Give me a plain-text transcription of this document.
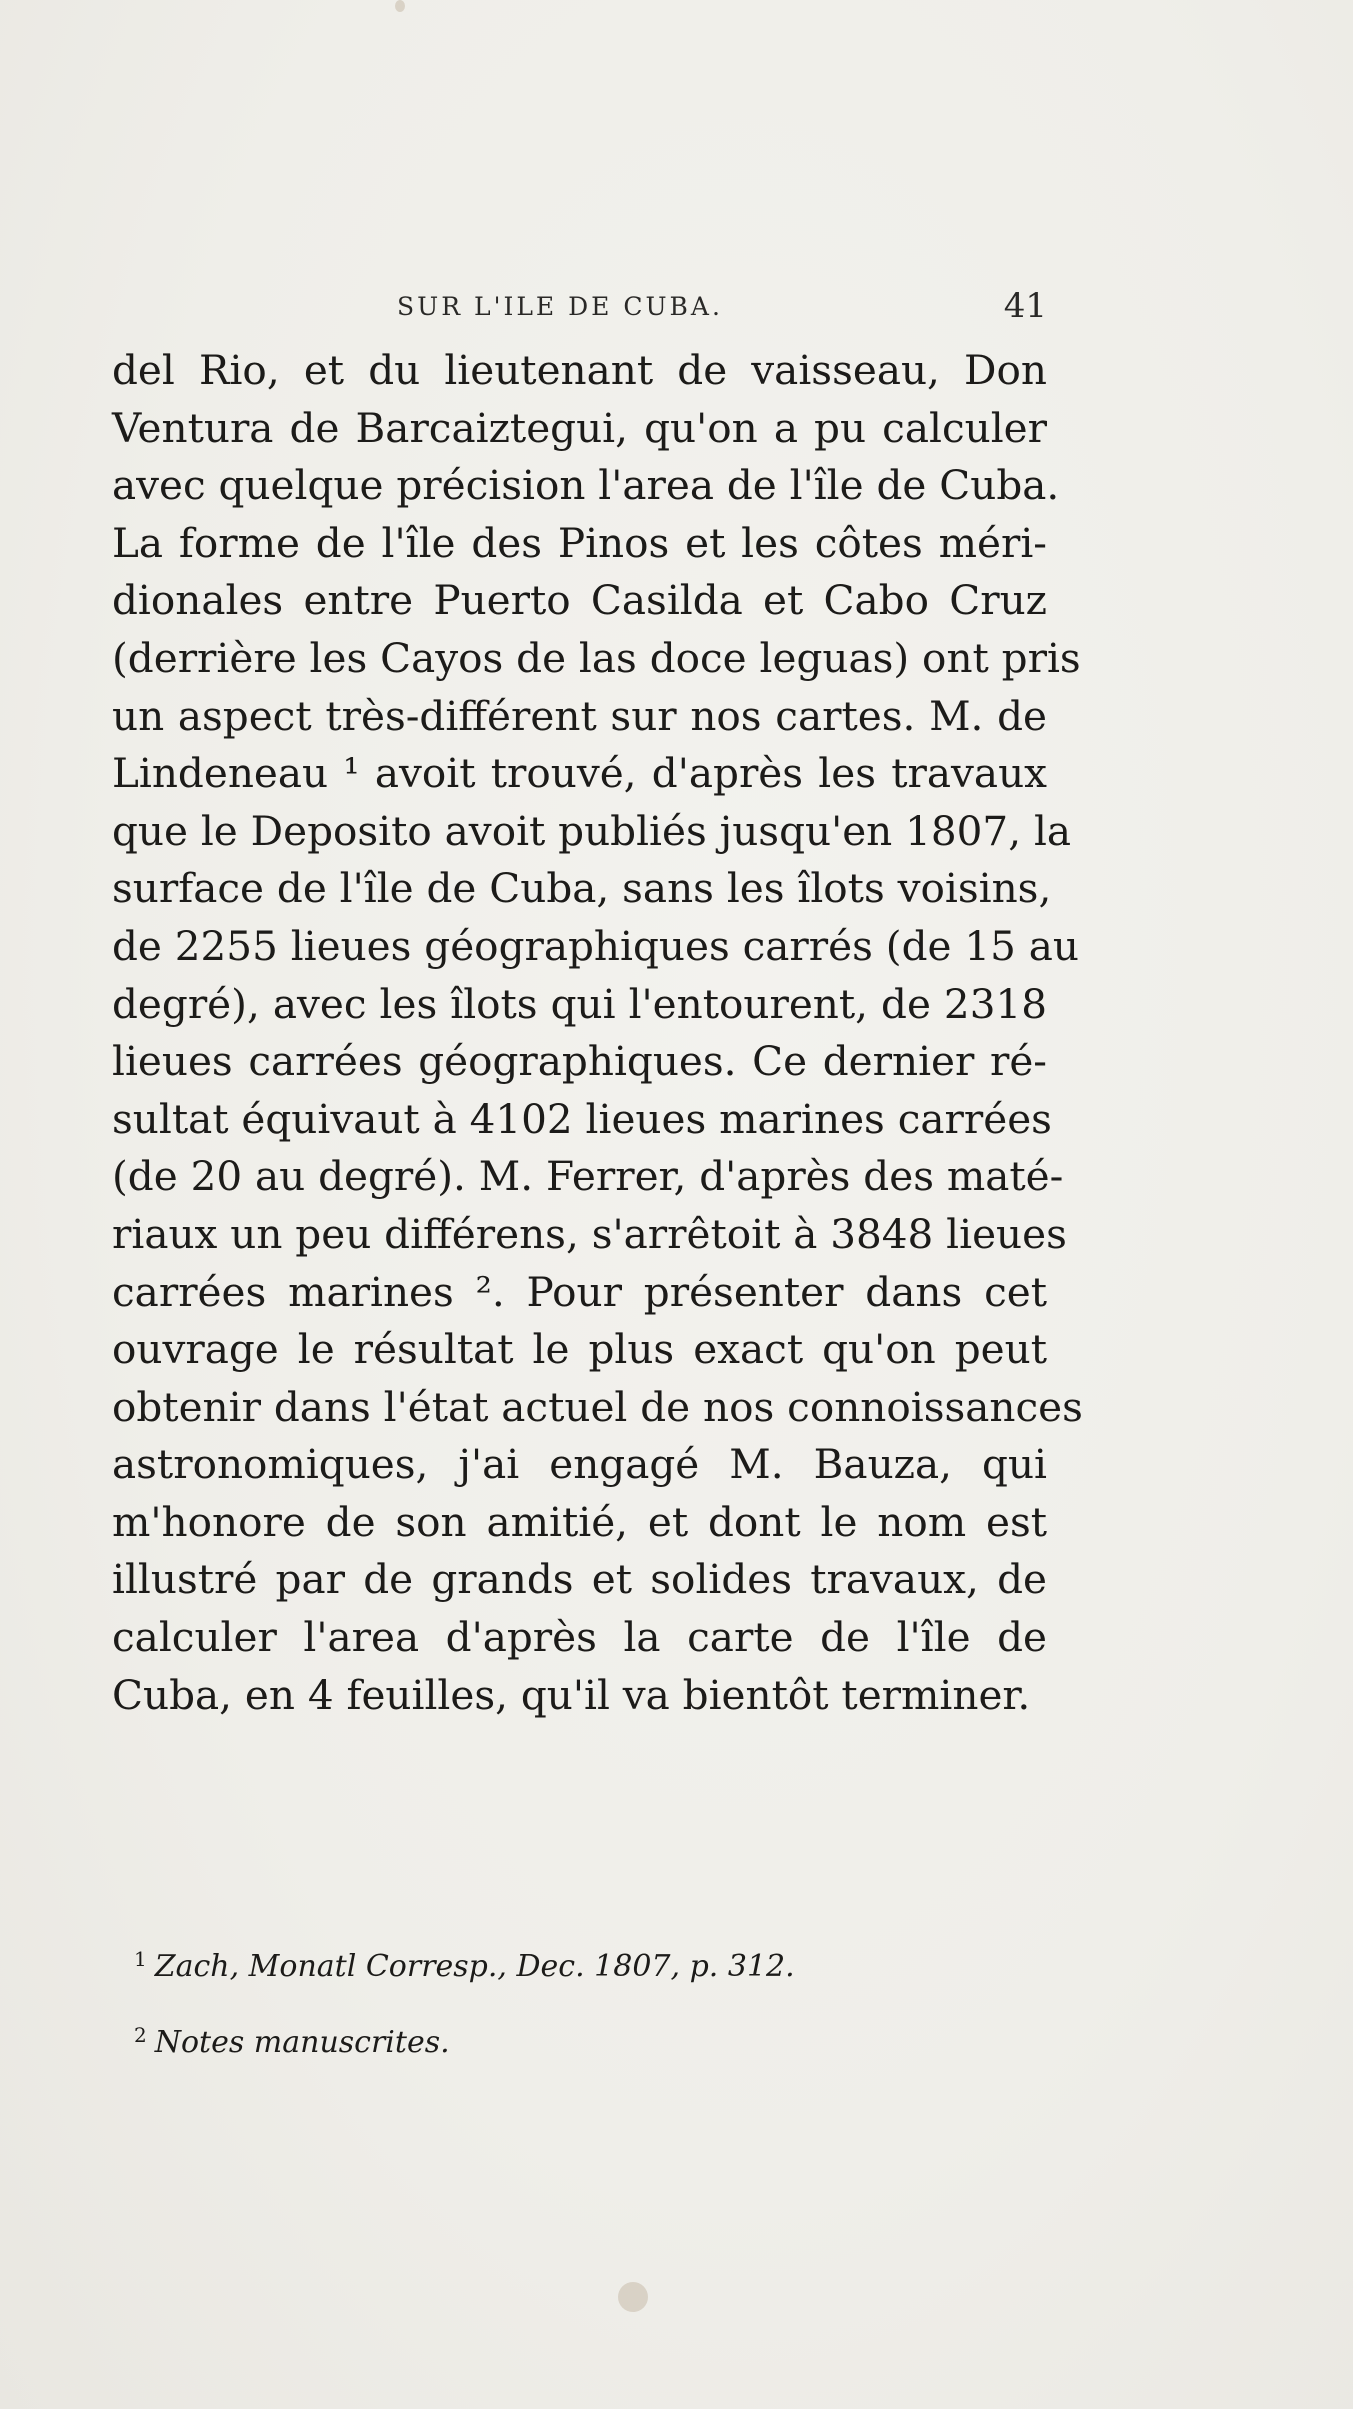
SUR L'ILE DE CUBA.	41
del Rio, et du lieutenant de vaisseau, Don
Ventura de Barcaiztegui, qu'on a pu calculer
avec quelque précision l'area de l'île de Cuba.
La forme de l'île des Pinos et les côtes méri-
dionales entre Puerto Casilda et Cabo Cruz
(derrière les Cayos de las doce leguas) ont pris
un aspect très-différent sur nos cartes. M. de
Lindeneau ¹ avoit trouvé, d'après les travaux
que le Deposito avoit publiés jusqu'en 1807, la
surface de l'île de Cuba, sans les îlots voisins,
de 2255 lieues géographiques carrés (de 15 au
degré), avec les îlots qui l'entourent, de 2318
lieues carrées géographiques. Ce dernier ré-
sultat équivaut à 4102 lieues marines carrées
(de 20 au degré). M. Ferrer, d'après des maté-
riaux un peu différens, s'arrêtoit à 3848 lieues
carrées marines ². Pour présenter dans cet
ouvrage le résultat le plus exact qu'on peut
obtenir dans l'état actuel de nos connoissances
astronomiques, j'ai engagé M. Bauza, qui
m'honore de son amitié, et dont le nom est
illustré par de grands et solides travaux, de
calculer l'area d'après la carte de l'île de
Cuba, en 4 feuilles, qu'il va bientôt terminer.
$^1$ Zach, Monatl Corresp., Dec. 1807, p. 312.
$^2$ Notes manuscrites.
